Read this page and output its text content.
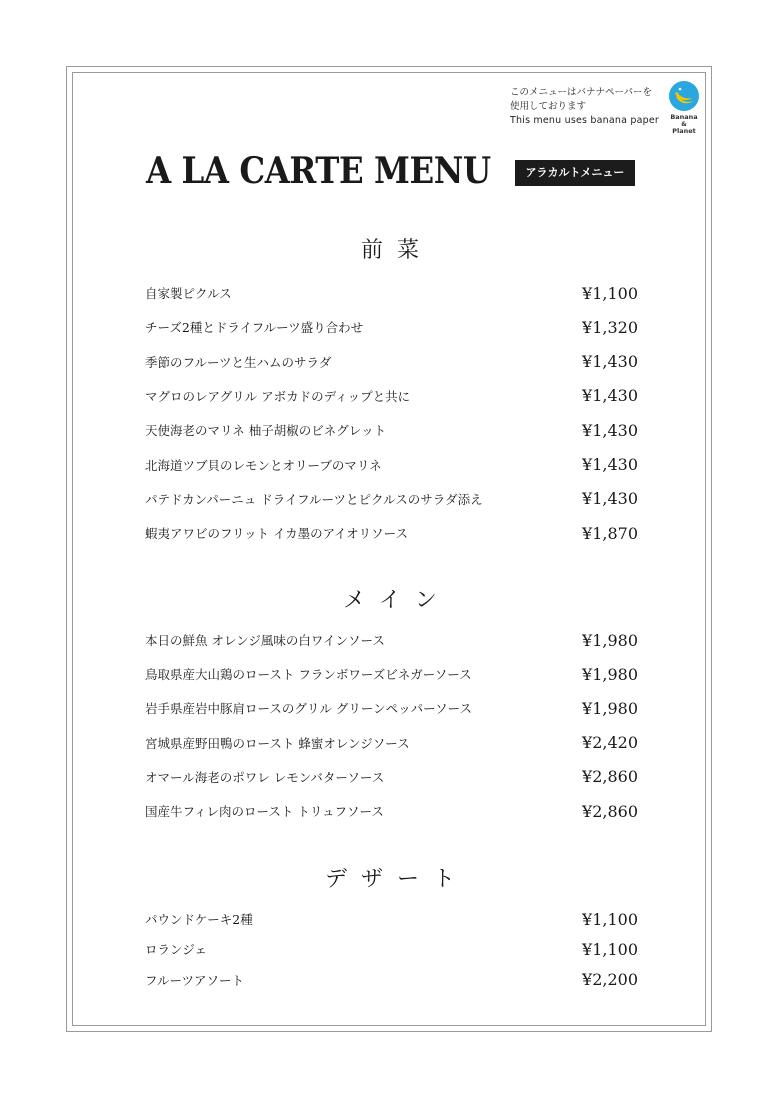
このメニューはバナナペーパーを
使用しております
This menu uses banana paper	Banana
&
Planet
A LA CARTE MENU	アラカルトメニュー
前菜
メイン
デザート
自家製ピクルス	¥1,100
チーズ2種とドライフルーツ盛り合わせ	¥1,320
季節のフルーツと生ハムのサラダ	¥1,430
マグロのレアグリル アボカドのディップと共に	¥1,430
天使海老のマリネ 柚子胡椒のビネグレット	¥1,430
北海道ツブ貝のレモンとオリーブのマリネ	¥1,430
パテドカンパーニュ ドライフルーツとピクルスのサラダ添え	¥1,430
蝦夷アワビのフリット イカ墨のアイオリソース	¥1,870
本日の鮮魚 オレンジ風味の白ワインソース	¥1,980
鳥取県産大山鶏のロースト フランボワーズビネガーソース	¥1,980
岩手県産岩中豚肩ロースのグリル グリーンペッパーソース	¥1,980
宮城県産野田鴨のロースト 蜂蜜オレンジソース	¥2,420
オマール海老のポワレ レモンバターソース	¥2,860
国産牛フィレ肉のロースト トリュフソース	¥2,860
パウンドケーキ2種	¥1,100
ロランジェ	¥1,100
フルーツアソート	¥2,200
